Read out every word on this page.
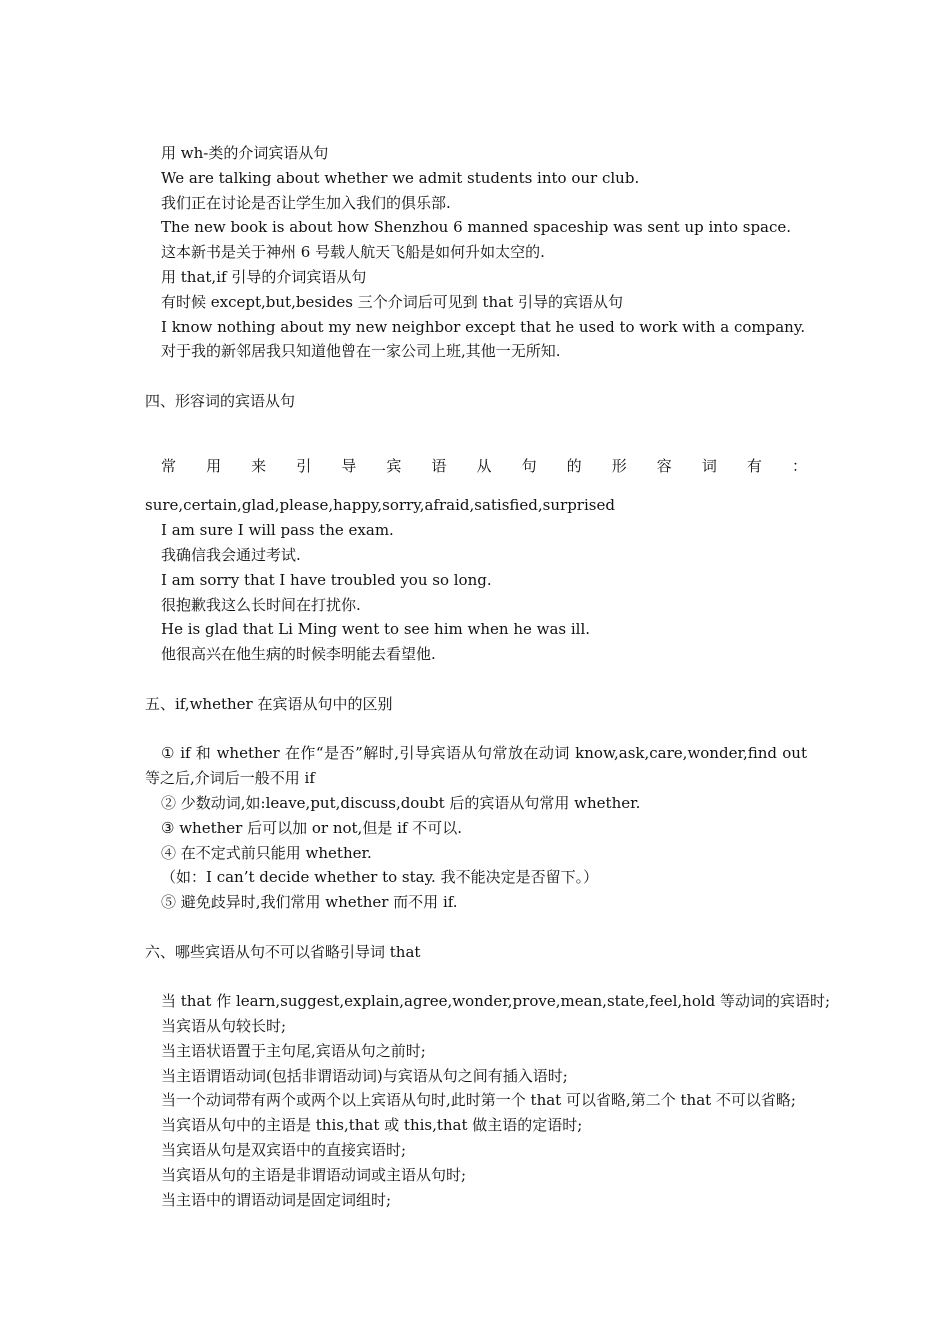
用 wh-类的介词宾语从句

We are talking about whether we admit students into our club.

我们正在讨论是否让学生加入我们的俱乐部.

The new book is about how Shenzhou 6 manned spaceship was sent up into space.

这本新书是关于神州 6 号载人航天飞船是如何升如太空的.

用 that,if 引导的介词宾语从句

有时候 except,but,besides 三个介词后可见到 that 引导的宾语从句

I know nothing about my new neighbor except that he used to work with a company.

对于我的新邻居我只知道他曾在一家公司上班,其他一无所知.

四、形容词的宾语从句

常用来引导宾语从句的形容词有：

sure,certain,glad,please,happy,sorry,afraid,satisfied,surprised

I am sure I will pass the exam.

我确信我会通过考试.

I am sorry that I have troubled you so long.

很抱歉我这么长时间在打扰你.

He is glad that Li Ming went to see him when he was ill.

他很高兴在他生病的时候李明能去看望他.

五、if,whether 在宾语从句中的区别

① if 和 whether 在作“是否”解时,引导宾语从句常放在动词 know,ask,care,wonder,find out 等之后,介词后一般不用 if

② 少数动词,如:leave,put,discuss,doubt 后的宾语从句常用 whether.

③ whether 后可以加 or not,但是 if 不可以.

④ 在不定式前只能用 whether.

（如：I can’t decide whether to stay. 我不能决定是否留下。）

⑤ 避免歧异时,我们常用 whether 而不用 if.

六、哪些宾语从句不可以省略引导词 that

当 that 作 learn,suggest,explain,agree,wonder,prove,mean,state,feel,hold 等动词的宾语时;

当宾语从句较长时;

当主语状语置于主句尾,宾语从句之前时;

当主语谓语动词(包括非谓语动词)与宾语从句之间有插入语时;

当一个动词带有两个或两个以上宾语从句时,此时第一个 that 可以省略,第二个 that 不可以省略;

当宾语从句中的主语是 this,that 或 this,that 做主语的定语时;

当宾语从句是双宾语中的直接宾语时;

当宾语从句的主语是非谓语动词或主语从句时;

当主语中的谓语动词是固定词组时;
